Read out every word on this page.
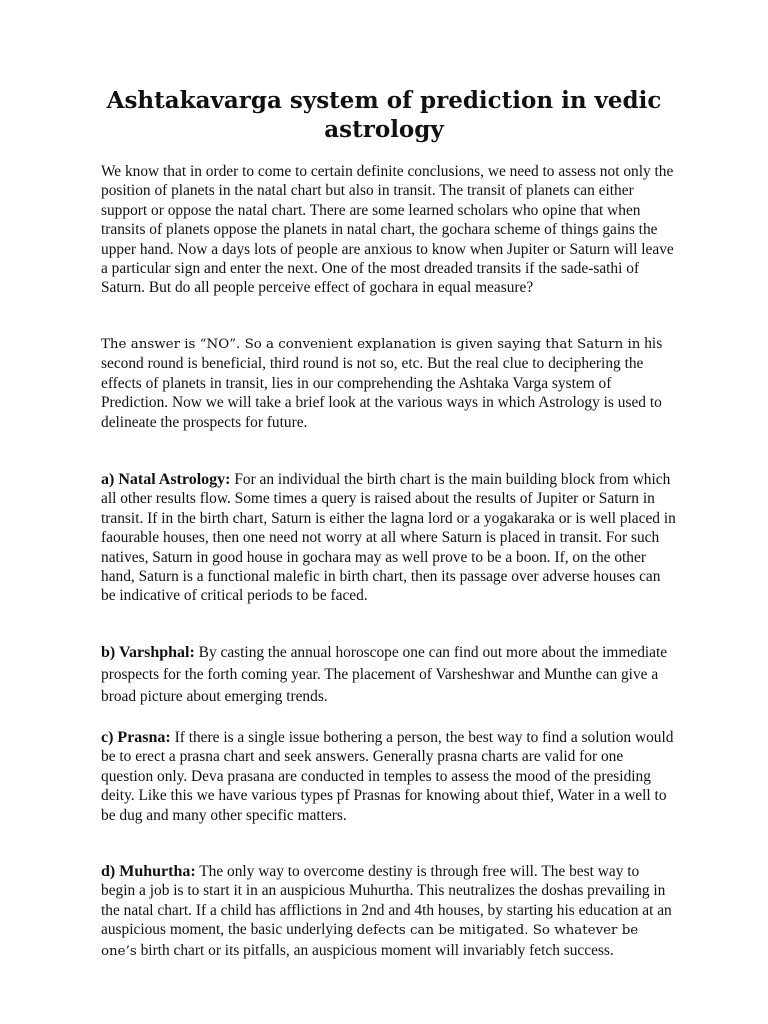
Ashtakavarga system of prediction in vedic astrology

We know that in order to come to certain definite conclusions, we need to assess not only the position of planets in the natal chart but also in transit. The transit of planets can either support or oppose the natal chart. There are some learned scholars who opine that when transits of planets oppose the planets in natal chart, the gochara scheme of things gains the upper hand. Now a days lots of people are anxious to know when Jupiter or Saturn will leave a particular sign and enter the next. One of the most dreaded transits if the sade-sathi of Saturn. But do all people perceive effect of gochara in equal measure?

The answer is “NO”. So a convenient explanation is given saying that Saturn in his second round is beneficial, third round is not so, etc. But the real clue to deciphering the effects of planets in transit, lies in our comprehending the Ashtaka Varga system of Prediction. Now we will take a brief look at the various ways in which Astrology is used to delineate the prospects for future.

a) Natal Astrology: For an individual the birth chart is the main building block from which all other results flow. Some times a query is raised about the results of Jupiter or Saturn in transit. If in the birth chart, Saturn is either the lagna lord or a yogakaraka or is well placed in faourable houses, then one need not worry at all where Saturn is placed in transit. For such natives, Saturn in good house in gochara may as well prove to be a boon. If, on the other hand, Saturn is a functional malefic in birth chart, then its passage over adverse houses can be indicative of critical periods to be faced.

b) Varshphal: By casting the annual horoscope one can find out more about the immediate prospects for the forth coming year. The placement of Varsheshwar and Munthe can give a broad picture about emerging trends.

c) Prasna: If there is a single issue bothering a person, the best way to find a solution would be to erect a prasna chart and seek answers. Generally prasna charts are valid for one question only. Deva prasana are conducted in temples to assess the mood of the presiding deity. Like this we have various types pf Prasnas for knowing about thief, Water in a well to be dug and many other specific matters.

d) Muhurtha: The only way to overcome destiny is through free will. The best way to begin a job is to start it in an auspicious Muhurtha. This neutralizes the doshas prevailing in the natal chart. If a child has afflictions in 2nd and 4th houses, by starting his education at an auspicious moment, the basic underlying defects can be mitigated. So whatever be one’s birth chart or its pitfalls, an auspicious moment will invariably fetch success.
